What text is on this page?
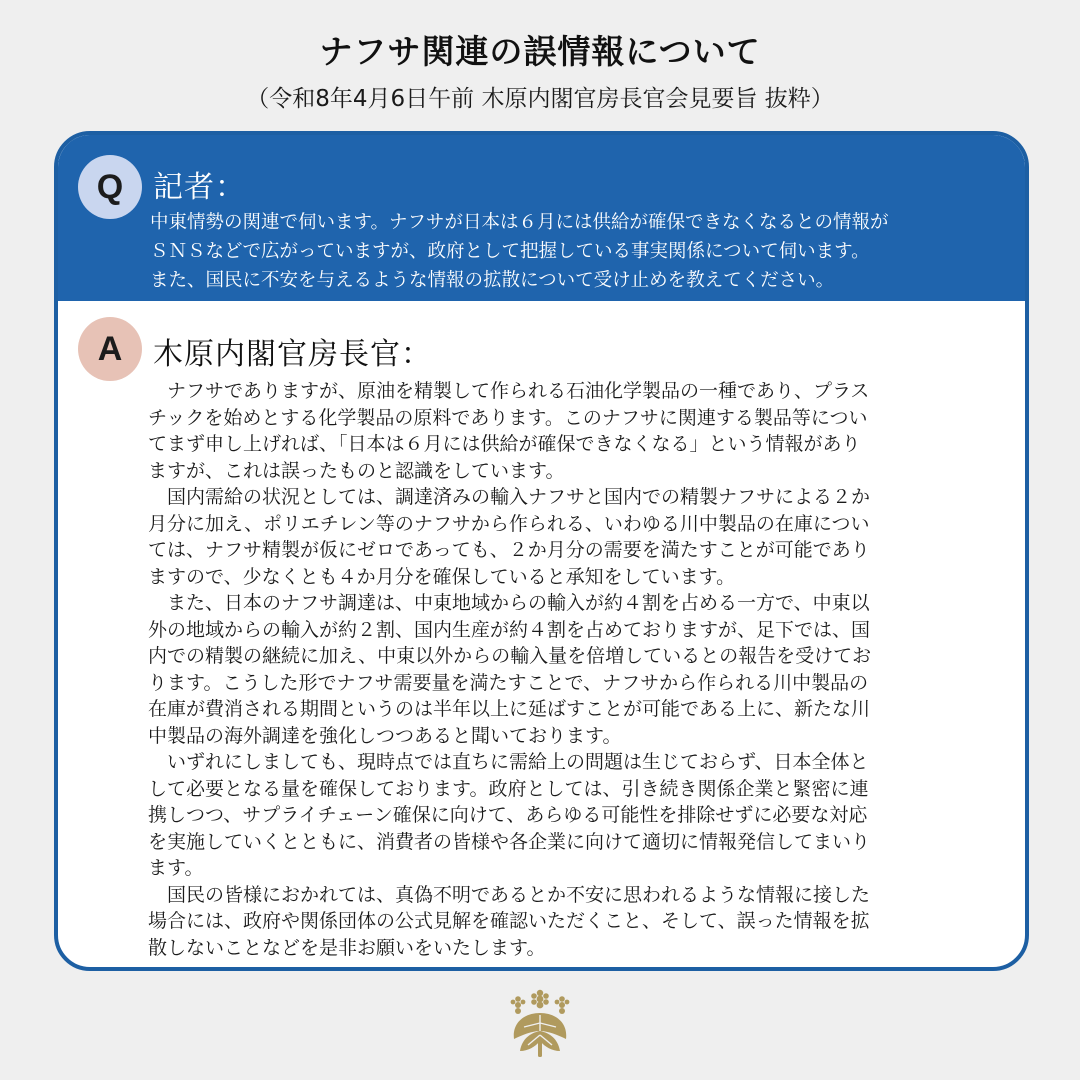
ナフサ関連の誤情報について
（令和8年4月6日午前 木原内閣官房長官会見要旨 抜粋）
Q 記者：

中東情勢の関連で伺います。ナフサが日本は６月には供給が確保できなくなるとの情報が

ＳＮＳなどで広がっていますが、政府として把握している事実関係について伺います。

また、国民に不安を与えるような情報の拡散について受け止めを教えてください。

A	木原内閣官房長官：

　ナフサでありますが、原油を精製して作られる石油化学製品の一種であり、プラス

チックを始めとする化学製品の原料であります。このナフサに関連する製品等につい

てまず申し上げれば、「日本は６月には供給が確保できなくなる」という情報があり

ますが、これは誤ったものと認識をしています。

　国内需給の状況としては、調達済みの輸入ナフサと国内での精製ナフサによる２か

月分に加え、ポリエチレン等のナフサから作られる、いわゆる川中製品の在庫につい

ては、ナフサ精製が仮にゼロであっても、２か月分の需要を満たすことが可能であり

ますので、少なくとも４か月分を確保していると承知をしています。

　また、日本のナフサ調達は、中東地域からの輸入が約４割を占める一方で、中東以

外の地域からの輸入が約２割、国内生産が約４割を占めておりますが、足下では、国

内での精製の継続に加え、中東以外からの輸入量を倍増しているとの報告を受けてお

ります。こうした形でナフサ需要量を満たすことで、ナフサから作られる川中製品の

在庫が費消される期間というのは半年以上に延ばすことが可能である上に、新たな川

中製品の海外調達を強化しつつあると聞いております。

　いずれにしましても、現時点では直ちに需給上の問題は生じておらず、日本全体と

して必要となる量を確保しております。政府としては、引き続き関係企業と緊密に連

携しつつ、サプライチェーン確保に向けて、あらゆる可能性を排除せずに必要な対応

を実施していくとともに、消費者の皆様や各企業に向けて適切に情報発信してまいり

ます。

　国民の皆様におかれては、真偽不明であるとか不安に思われるような情報に接した

場合には、政府や関係団体の公式見解を確認いただくこと、そして、誤った情報を拡

散しないことなどを是非お願いをいたします。
